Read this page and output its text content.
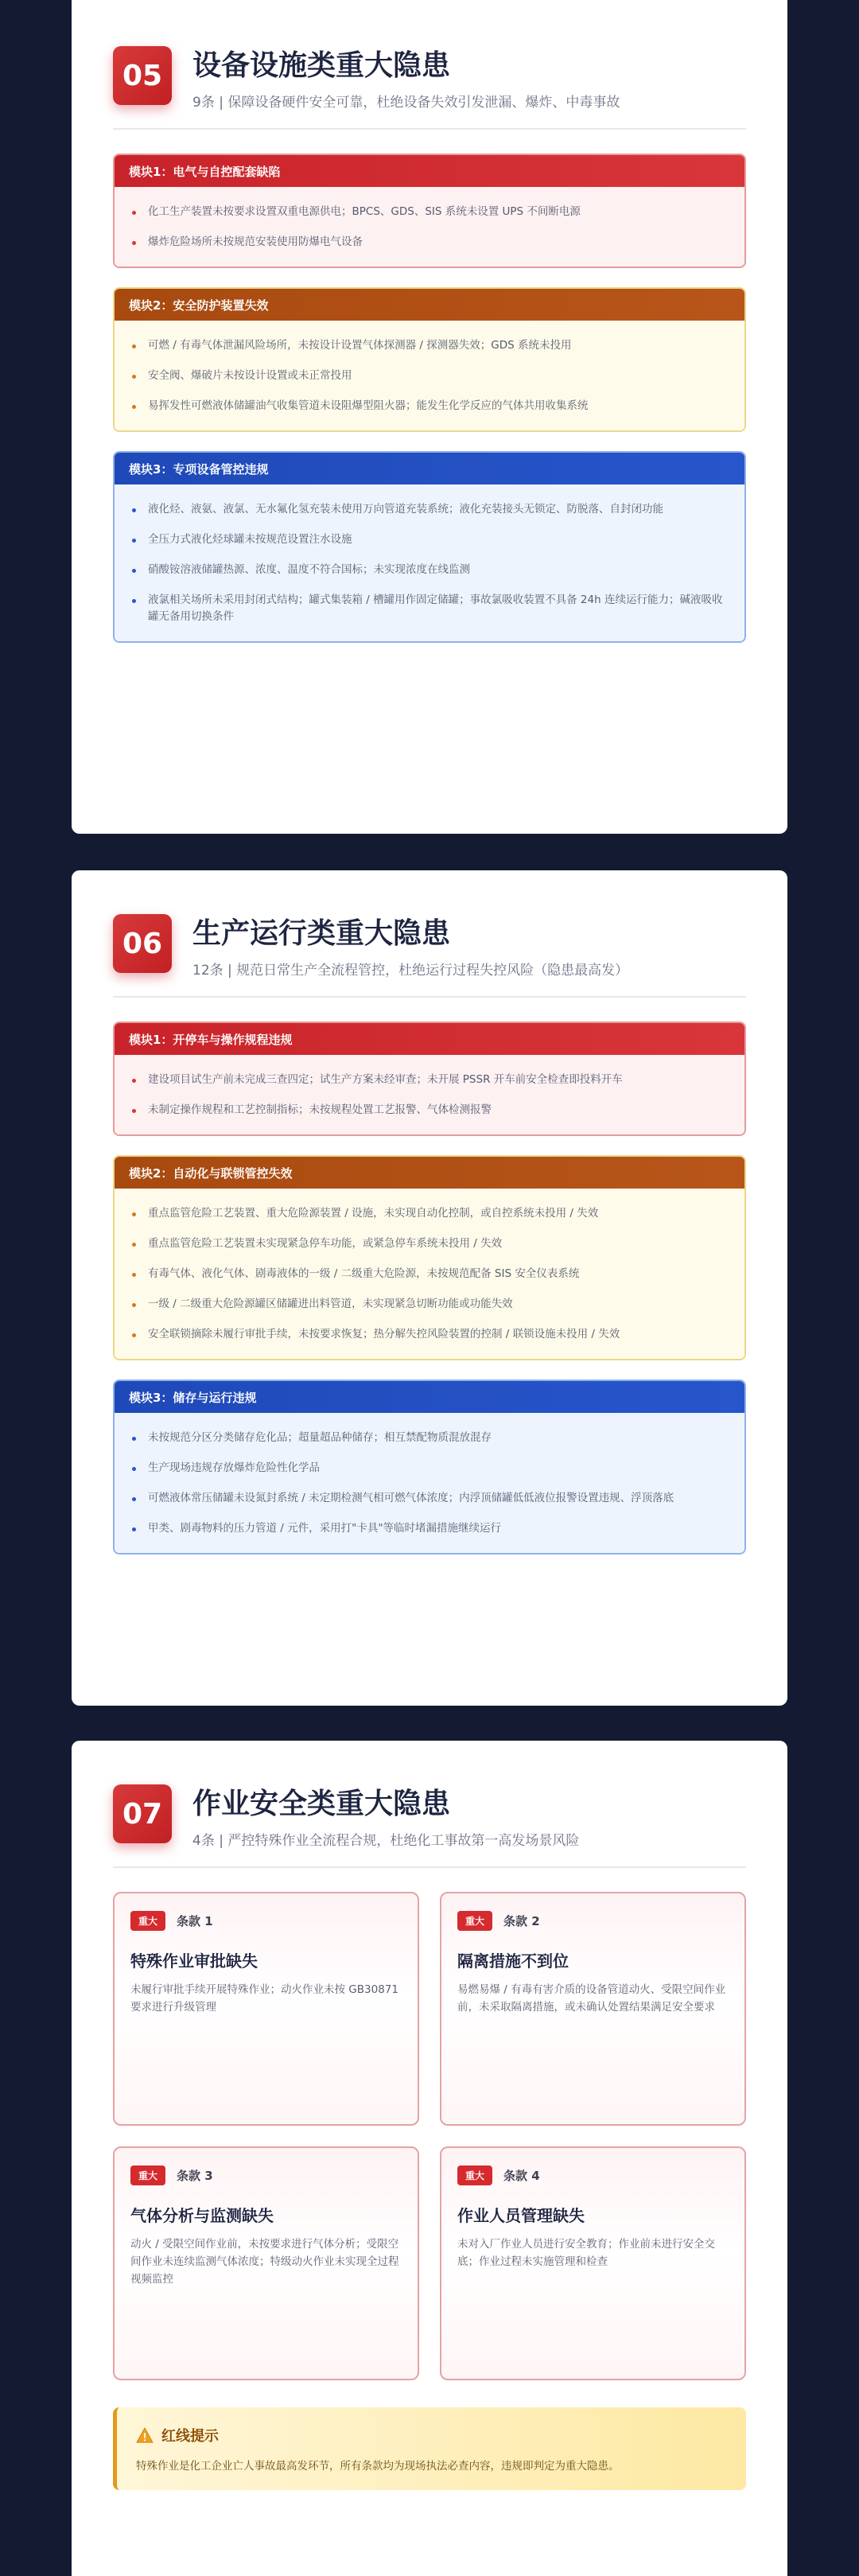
05	设备设施类重大隐患
9条 | 保障设备硬件安全可靠，杜绝设备失效引发泄漏、爆炸、中毒事故
模块1：电气与自控配套缺陷
化工生产装置未按要求设置双重电源供电；BPCS、GDS、SIS 系统未设置 UPS 不间断电源
爆炸危险场所未按规范安装使用防爆电气设备
模块2：安全防护装置失效
可燃 / 有毒气体泄漏风险场所，未按设计设置气体探测器 / 探测器失效；GDS 系统未投用
安全阀、爆破片未按设计设置或未正常投用
易挥发性可燃液体储罐油气收集管道未设阻爆型阻火器；能发生化学反应的气体共用收集系统
模块3：专项设备管控违规
液化烃、液氨、液氯、无水氟化氢充装未使用万向管道充装系统；液化充装接头无锁定、防脱落、自封闭功能
全压力式液化烃球罐未按规范设置注水设施
硝酸铵溶液储罐热源、浓度、温度不符合国标；未实现浓度在线监测
液氯相关场所未采用封闭式结构；罐式集装箱 / 槽罐用作固定储罐；事故氯吸收装置不具备 24h 连续运行能力；碱液吸收罐无备用切换条件
06	生产运行类重大隐患
12条 | 规范日常生产全流程管控，杜绝运行过程失控风险（隐患最高发）
模块1：开停车与操作规程违规
建设项目试生产前未完成三查四定；试生产方案未经审查；未开展 PSSR 开车前安全检查即投料开车
未制定操作规程和工艺控制指标；未按规程处置工艺报警、气体检测报警
模块2：自动化与联锁管控失效
重点监管危险工艺装置、重大危险源装置 / 设施，未实现自动化控制，或自控系统未投用 / 失效
重点监管危险工艺装置未实现紧急停车功能，或紧急停车系统未投用 / 失效
有毒气体、液化气体、剧毒液体的一级 / 二级重大危险源，未按规范配备 SIS 安全仪表系统
一级 / 二级重大危险源罐区储罐进出料管道，未实现紧急切断功能或功能失效
安全联锁摘除未履行审批手续，未按要求恢复；热分解失控风险装置的控制 / 联锁设施未投用 / 失效
模块3：储存与运行违规
未按规范分区分类储存危化品；超量超品种储存；相互禁配物质混放混存
生产现场违规存放爆炸危险性化学品
可燃液体常压储罐未设氮封系统 / 未定期检测气相可燃气体浓度；内浮顶储罐低低液位报警设置违规、浮顶落底
甲类、剧毒物料的压力管道 / 元件，采用打"卡具"等临时堵漏措施继续运行
07	作业安全类重大隐患
4条 | 严控特殊作业全流程合规，杜绝化工事故第一高发场景风险
重大	条款 1
特殊作业审批缺失
未履行审批手续开展特殊作业；动火作业未按 GB30871 要求进行升级管理
重大	条款 2
隔离措施不到位
易燃易爆 / 有毒有害介质的设备管道动火、受限空间作业前，未采取隔离措施，或未确认处置结果满足安全要求
重大	条款 3
气体分析与监测缺失
动火 / 受限空间作业前，未按要求进行气体分析；受限空间作业未连续监测气体浓度；特级动火作业未实现全过程视频监控
重大	条款 4
作业人员管理缺失
未对入厂作业人员进行安全教育；作业前未进行安全交底；作业过程未实施管理和检查
红线提示
特殊作业是化工企业亡人事故最高发环节，所有条款均为现场执法必查内容，违规即判定为重大隐患。
